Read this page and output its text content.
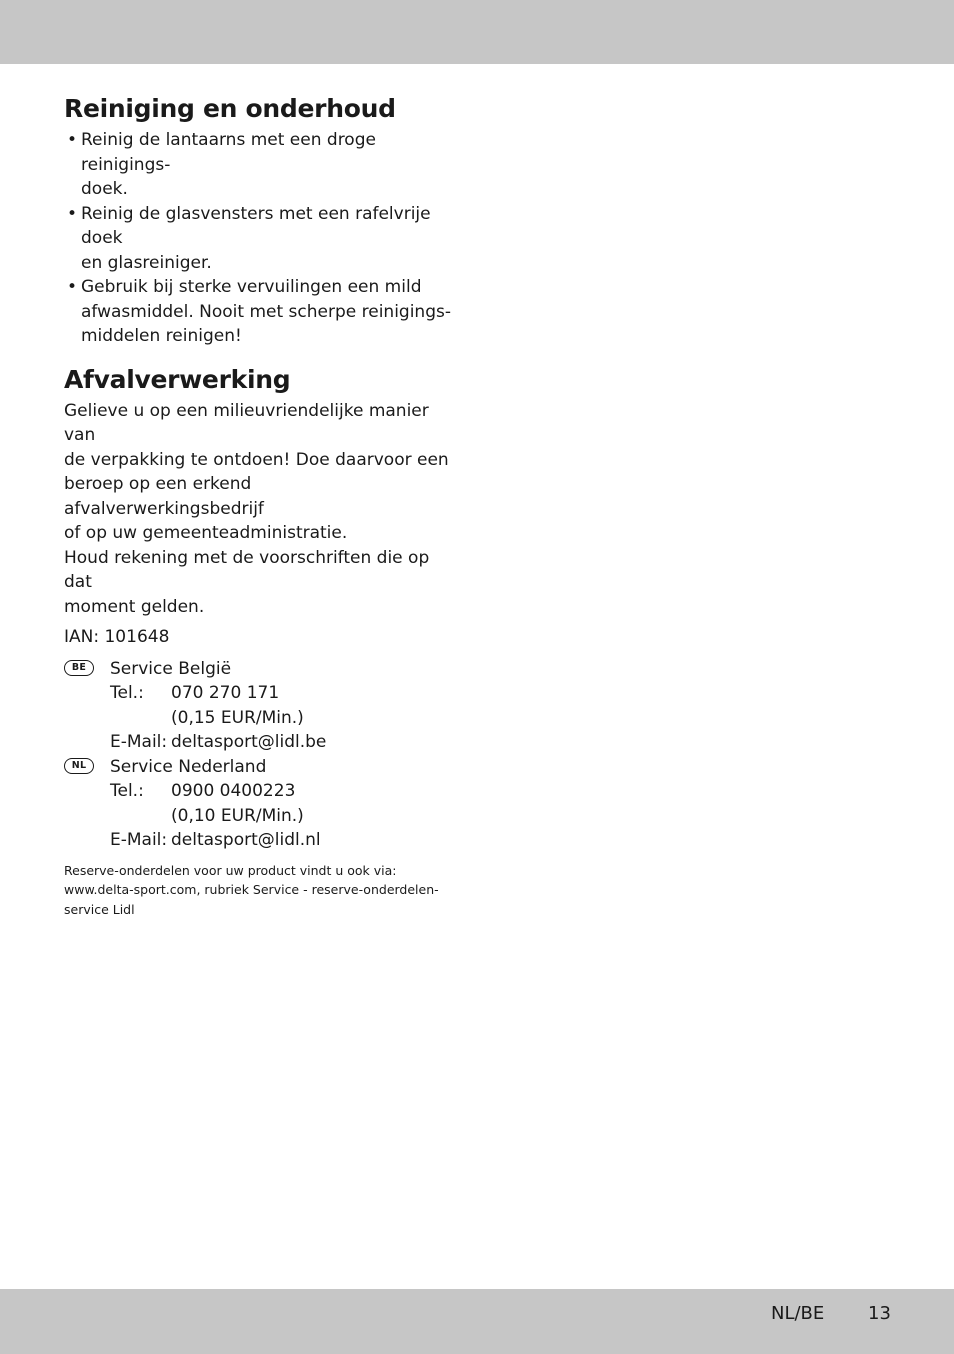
Reiniging en onderhoud
• Reinig de lantaarns met een droge reinigings-
doek.
• Reinig de glasvensters met een rafelvrije doek
en glasreiniger.
• Gebruik bij sterke vervuilingen een mild
afwasmiddel. Nooit met scherpe reinigings-
middelen reinigen!
Afvalverwerking

Gelieve u op een milieuvriendelijke manier van
de verpakking te ontdoen! Doe daarvoor een
beroep op een erkend afvalverwerkingsbedrijf
of op uw gemeenteadministratie.
Houd rekening met de voorschriften die op dat
moment gelden.

IAN: 101648
BE	Service België
Tel.:	070 270 171
(0,15 EUR/Min.)
E-Mail: deltasport@lidl.be
NL	Service Nederland
Tel.:	0900 0400223
(0,10 EUR/Min.)
E-Mail: deltasport@lidl.nl
Reserve-onderdelen voor uw product vindt u ook via:
www.delta-sport.com, rubriek Service - reserve-onderdelen-
service Lidl
NL/BE 13
